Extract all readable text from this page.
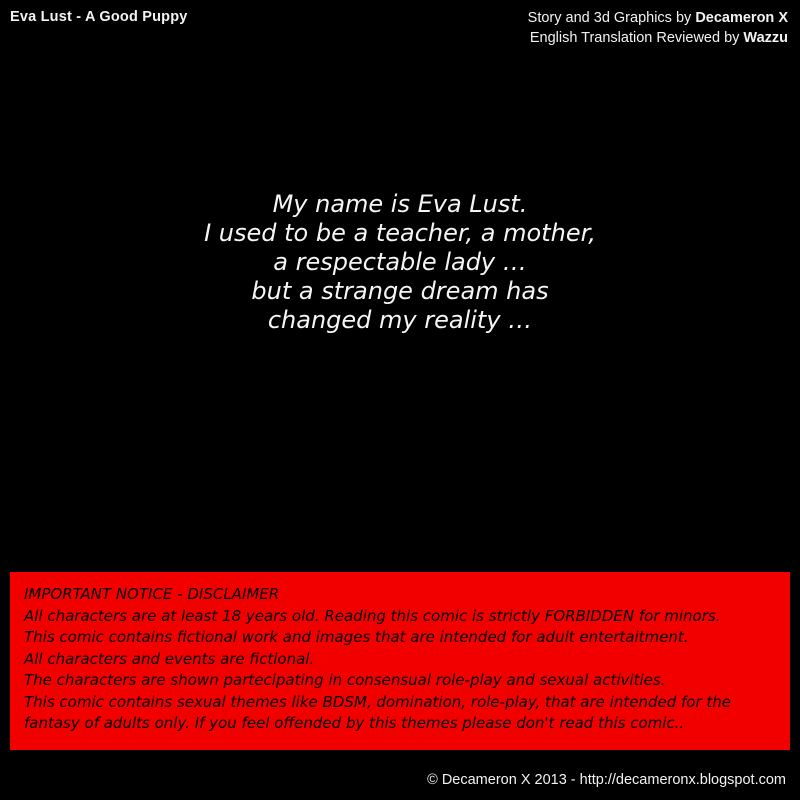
Eva Lust - A Good Puppy	Story and 3d Graphics by Decameron X
English Translation Reviewed by Wazzu
My name is Eva Lust.
I used to be a teacher, a mother,
a respectable lady …
but a strange dream has
changed my reality …
IMPORTANT NOTICE - DISCLAIMER
All characters are at least 18 years old. Reading this comic is strictly FORBIDDEN for minors.
This comic contains fictional work and images that are intended for adult entertaitment.
All characters and events are fictional.
The characters are shown partecipating in consensual role-play and sexual activities.
This comic contains sexual themes like BDSM, domination, role-play, that are intended for the fantasy of adults only. If you feel offended by this themes please don't read this comic..
© Decameron X 2013 - http://decameronx.blogspot.com
